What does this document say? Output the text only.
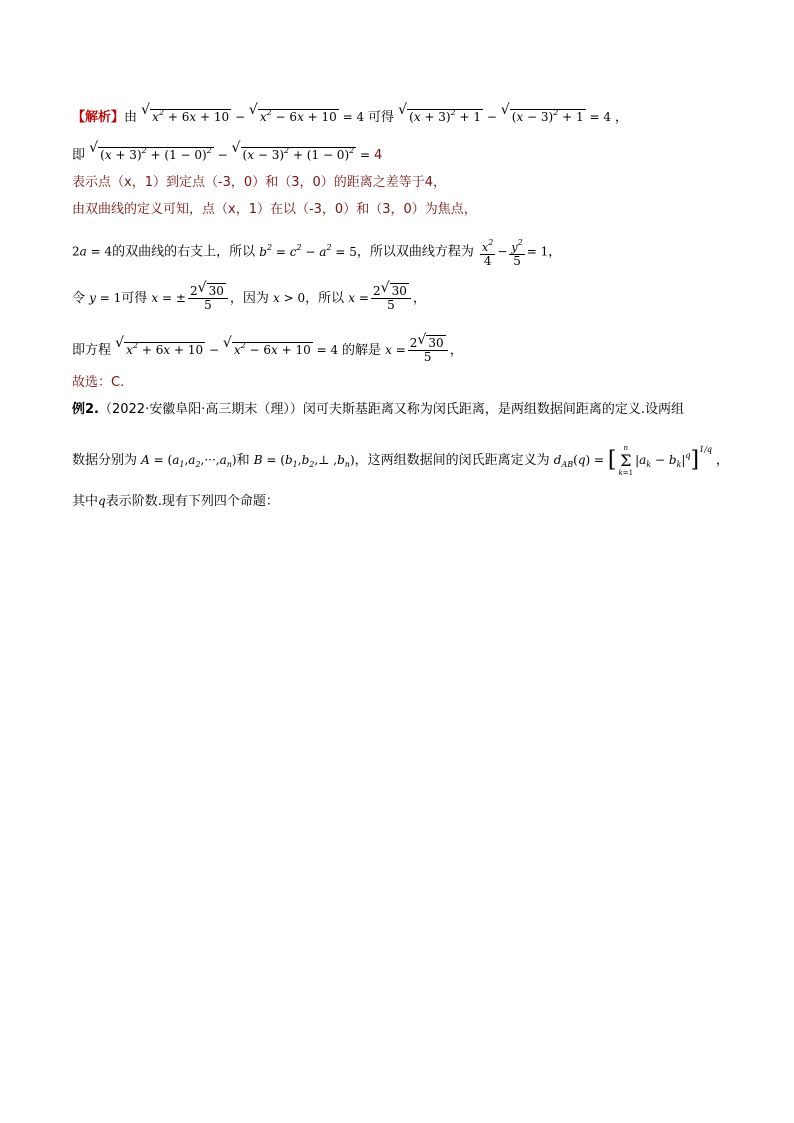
【解析】由 √ $x^2 + 6x + 10$ − √ $x^2 - 6x + 10 = 4$ 可得 √ $(x + 3)^2 + 1$ − √ $(x - 3)^2 + 1 = 4$ ，
即 √ $(x + 3)^2 + (1 - 0)^2$ − √ $(x - 3)^2 + (1 - 0)^2 = 4$
表示点（x，1）到定点（-3，0）和（3，0）的距离之差等于4，
由双曲线的定义可知，点（x，1）在以（-3，0）和（3，0）为焦点，
2a = 4的双曲线的右支上，所以 $b^2 = c^2 - a^2 = 5$，所以双曲线方程为 $\frac{x^2}{4} - \frac{y^2}{5} = 1$，
令 y = 1可得 x = ± $\frac{2 √ 30}{5}$ ，因为 x > 0，所以 $x = \frac{2 √ 30}{5}$ ，
即方程 √ $x^2 + 6x + 10$ − √ $x^2 - 6x + 10 = 4$ 的解是 $x = \frac{2 √ 30}{5}$ ，
故选：C.
例2.（2022·安徽阜阳·高三期末（理））闵可夫斯基距离又称为闵氏距离，是两组数据间距离的定义.设两组
数据分别为 $A = (a_1,a_2,\cdot\cdot\cdot,a_n)$和 $B = (b_1,b_2,\perp$ $,b_n$)，这两组数据间的闵氏距离定义为 $d_{AB}(q)$ = [ n
Σ
k=1
$|a_k - b_k|^q]^{1/q}$ ，
其中q表示阶数.现有下列四个命题：
